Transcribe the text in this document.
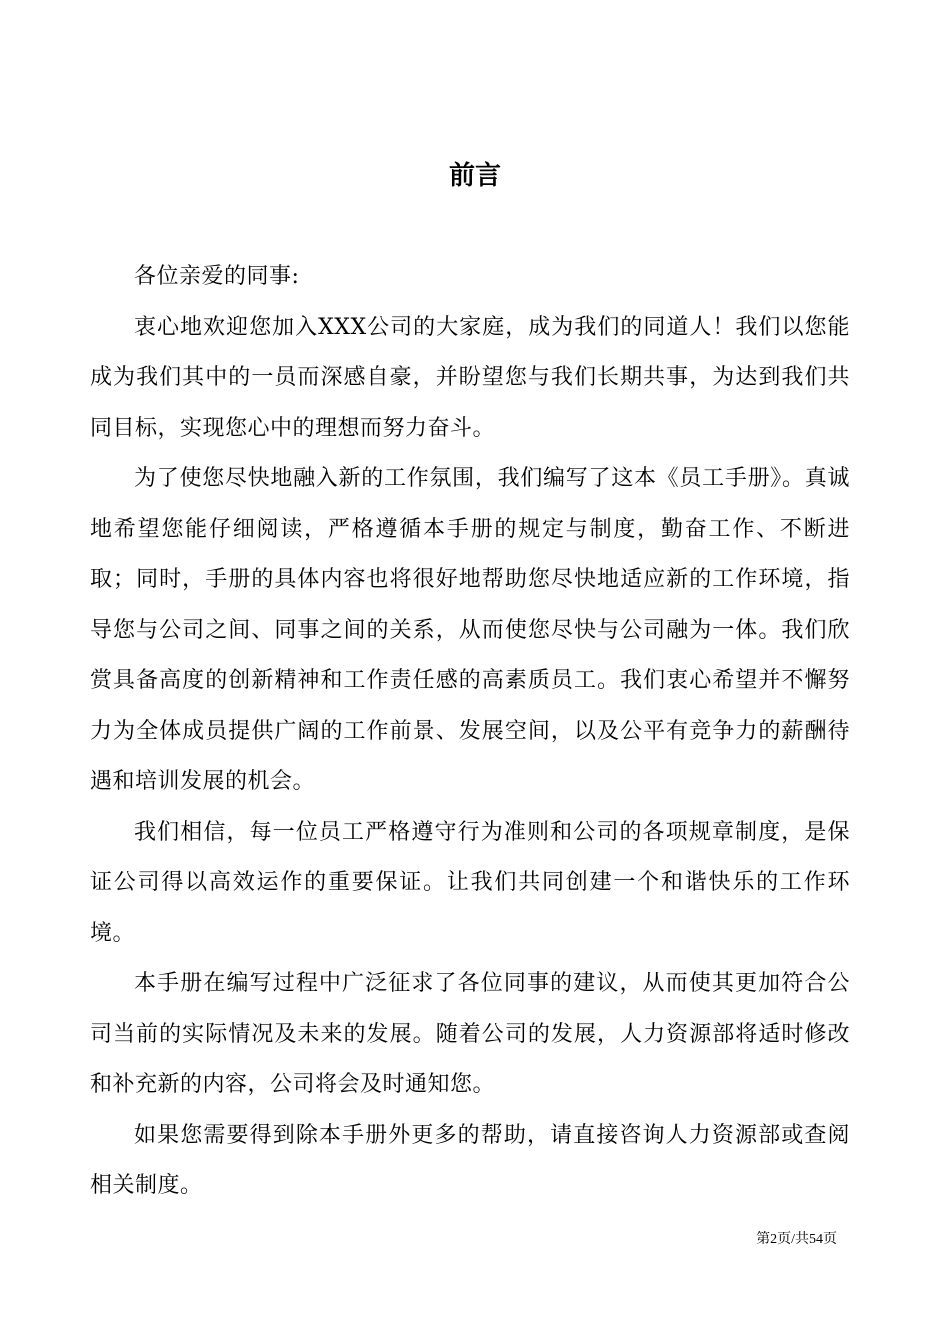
前言

各位亲爱的同事:

衷心地欢迎您加入XXX公司的大家庭，成为我们的同道人！我们以您能成为我们其中的一员而深感自豪，并盼望您与我们长期共事，为达到我们共同目标，实现您心中的理想而努力奋斗。

为了使您尽快地融入新的工作氛围，我们编写了这本《员工手册》。真诚地希望您能仔细阅读，严格遵循本手册的规定与制度，勤奋工作、不断进取；同时，手册的具体内容也将很好地帮助您尽快地适应新的工作环境，指导您与公司之间、同事之间的关系，从而使您尽快与公司融为一体。我们欣赏具备高度的创新精神和工作责任感的高素质员工。我们衷心希望并不懈努力为全体成员提供广阔的工作前景、发展空间，以及公平有竞争力的薪酬待遇和培训发展的机会。

我们相信，每一位员工严格遵守行为准则和公司的各项规章制度，是保证公司得以高效运作的重要保证。让我们共同创建一个和谐快乐的工作环境。

本手册在编写过程中广泛征求了各位同事的建议，从而使其更加符合公司当前的实际情况及未来的发展。随着公司的发展，人力资源部将适时修改和补充新的内容，公司将会及时通知您。

如果您需要得到除本手册外更多的帮助，请直接咨询人力资源部或查阅相关制度。

第2页/共54页
